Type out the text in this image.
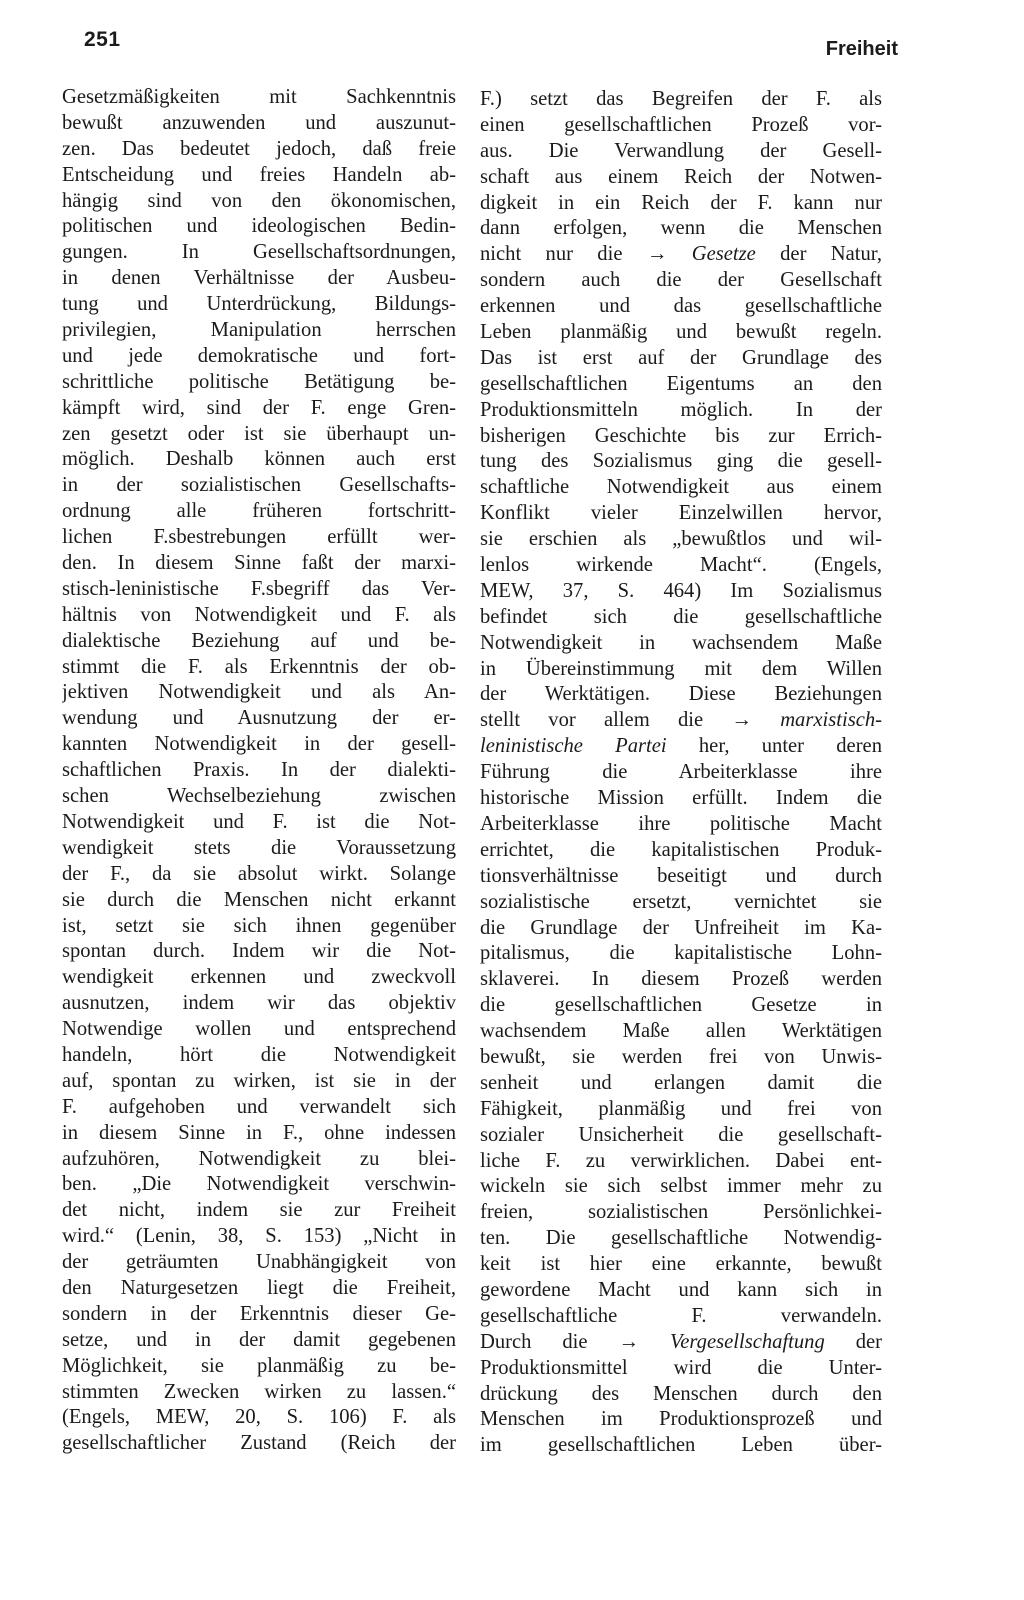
251	Freiheit
Gesetzmäßigkeiten mit Sachkenntnis
bewußt anzuwenden und auszunut-
zen. Das bedeutet jedoch, daß freie
Entscheidung und freies Handeln ab-
hängig sind von den ökonomischen,
politischen und ideologischen Bedin-
gungen. In Gesellschaftsordnungen,
in denen Verhältnisse der Ausbeu-
tung und Unterdrückung, Bildungs-
privilegien, Manipulation herrschen
und jede demokratische und fort-
schrittliche politische Betätigung be-
kämpft wird, sind der F. enge Gren-
zen gesetzt oder ist sie überhaupt un-
möglich. Deshalb können auch erst
in der sozialistischen Gesellschafts-
ordnung alle früheren fortschritt-
lichen F.sbestrebungen erfüllt wer-
den. In diesem Sinne faßt der marxi-
stisch-leninistische F.sbegriff das Ver-
hältnis von Notwendigkeit und F. als
dialektische Beziehung auf und be-
stimmt die F. als Erkenntnis der ob-
jektiven Notwendigkeit und als An-
wendung und Ausnutzung der er-
kannten Notwendigkeit in der gesell-
schaftlichen Praxis. In der dialekti-
schen Wechselbeziehung zwischen
Notwendigkeit und F. ist die Not-
wendigkeit stets die Voraussetzung
der F., da sie absolut wirkt. Solange
sie durch die Menschen nicht erkannt
ist, setzt sie sich ihnen gegenüber
spontan durch. Indem wir die Not-
wendigkeit erkennen und zweckvoll
ausnutzen, indem wir das objektiv
Notwendige wollen und entsprechend
handeln, hört die Notwendigkeit
auf, spontan zu wirken, ist sie in der
F. aufgehoben und verwandelt sich
in diesem Sinne in F., ohne indessen
aufzuhören, Notwendigkeit zu blei-
ben. „Die Notwendigkeit verschwin-
det nicht, indem sie zur Freiheit
wird.“ (Lenin, 38, S. 153) „Nicht in
der geträumten Unabhängigkeit von
den Naturgesetzen liegt die Freiheit,
sondern in der Erkenntnis dieser Ge-
setze, und in der damit gegebenen
Möglichkeit, sie planmäßig zu be-
stimmten Zwecken wirken zu lassen.“
(Engels, MEW, 20, S. 106) F. als
gesellschaftlicher Zustand (Reich der
F.) setzt das Begreifen der F. als
einen gesellschaftlichen Prozeß vor-
aus. Die Verwandlung der Gesell-
schaft aus einem Reich der Notwen-
digkeit in ein Reich der F. kann nur
dann erfolgen, wenn die Menschen
nicht nur die → Gesetze der Natur,
sondern auch die der Gesellschaft
erkennen und das gesellschaftliche
Leben planmäßig und bewußt regeln.
Das ist erst auf der Grundlage des
gesellschaftlichen Eigentums an den
Produktionsmitteln möglich. In der
bisherigen Geschichte bis zur Errich-
tung des Sozialismus ging die gesell-
schaftliche Notwendigkeit aus einem
Konflikt vieler Einzelwillen hervor,
sie erschien als „bewußtlos und wil-
lenlos wirkende Macht“. (Engels,
MEW, 37, S. 464) Im Sozialismus
befindet sich die gesellschaftliche
Notwendigkeit in wachsendem Maße
in Übereinstimmung mit dem Willen
der Werktätigen. Diese Beziehungen
stellt vor allem die → marxistisch-
leninistische Partei her, unter deren
Führung die Arbeiterklasse ihre
historische Mission erfüllt. Indem die
Arbeiterklasse ihre politische Macht
errichtet, die kapitalistischen Produk-
tionsverhältnisse beseitigt und durch
sozialistische ersetzt, vernichtet sie
die Grundlage der Unfreiheit im Ka-
pitalismus, die kapitalistische Lohn-
sklaverei. In diesem Prozeß werden
die gesellschaftlichen Gesetze in
wachsendem Maße allen Werktätigen
bewußt, sie werden frei von Unwis-
senheit und erlangen damit die
Fähigkeit, planmäßig und frei von
sozialer Unsicherheit die gesellschaft-
liche F. zu verwirklichen. Dabei ent-
wickeln sie sich selbst immer mehr zu
freien, sozialistischen Persönlichkei-
ten. Die gesellschaftliche Notwendig-
keit ist hier eine erkannte, bewußt
gewordene Macht und kann sich in
gesellschaftliche F. verwandeln.
Durch die → Vergesellschaftung der
Produktionsmittel wird die Unter-
drückung des Menschen durch den
Menschen im Produktionsprozeß und
im gesellschaftlichen Leben über-
